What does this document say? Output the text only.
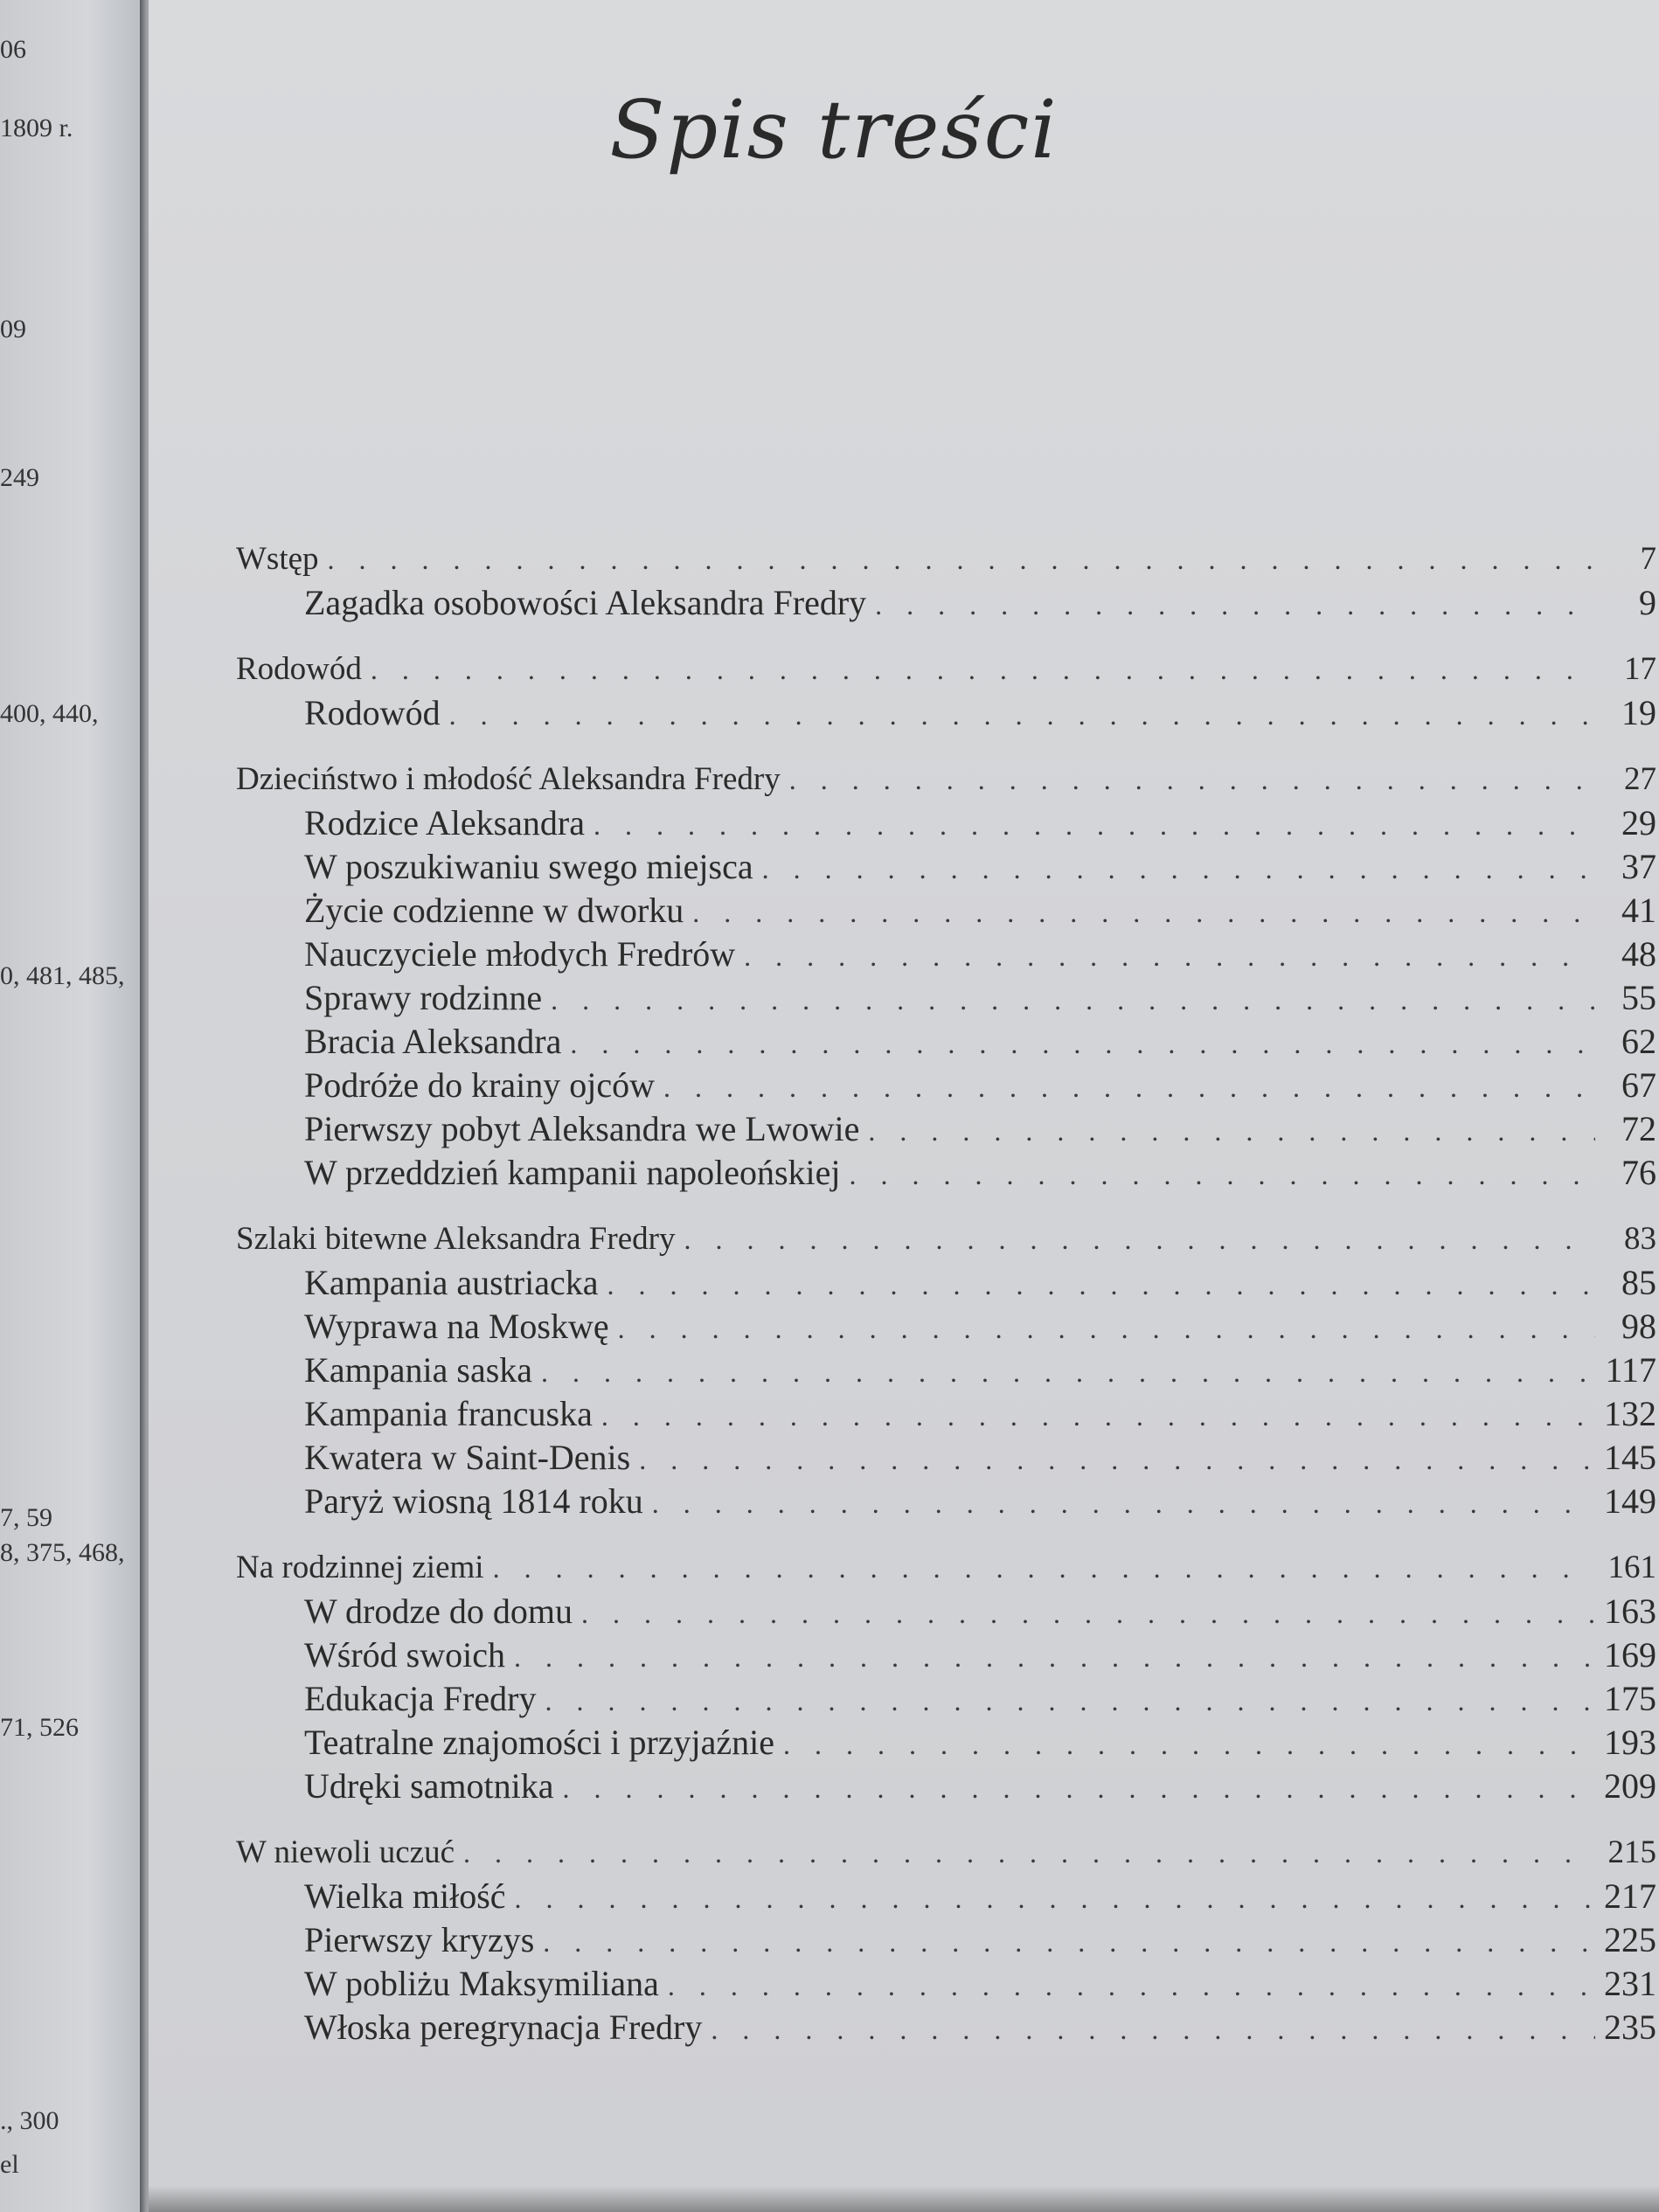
06
1809 r.
09
249
400, 440,
0, 481, 485,
7, 59
8, 375, 468,
71, 526
., 300
el
Spis treści
Wstęp . . .	7
Zagadka osobowości Aleksandra Fredry . . .	9
Rodowód . . .	17
Rodowód . . .	19
Dzieciństwo i młodość Aleksandra Fredry . . .	27
Rodzice Aleksandra . . .	29
W poszukiwaniu swego miejsca . . .	37
Życie codzienne w dworku . . .	41
Nauczyciele młodych Fredrów . . .	48
Sprawy rodzinne . . .	55
Bracia Aleksandra . . .	62
Podróże do krainy ojców . . .	67
Pierwszy pobyt Aleksandra we Lwowie . . .	72
W przeddzień kampanii napoleońskiej . . .	76
Szlaki bitewne Aleksandra Fredry . . .	83
Kampania austriacka . . .	85
Wyprawa na Moskwę . . .	98
Kampania saska . . .	117
Kampania francuska . . .	132
Kwatera w Saint-Denis . . .	145
Paryż wiosną 1814 roku . . .	149
Na rodzinnej ziemi . . .	161
W drodze do domu . . .	163
Wśród swoich . . .	169
Edukacja Fredry . . .	175
Teatralne znajomości i przyjaźnie . . .	193
Udręki samotnika . . .	209
W niewoli uczuć . . .	215
Wielka miłość . . .	217
Pierwszy kryzys . . .	225
W pobliżu Maksymiliana . . .	231
Włoska peregrynacja Fredry . . .	235
